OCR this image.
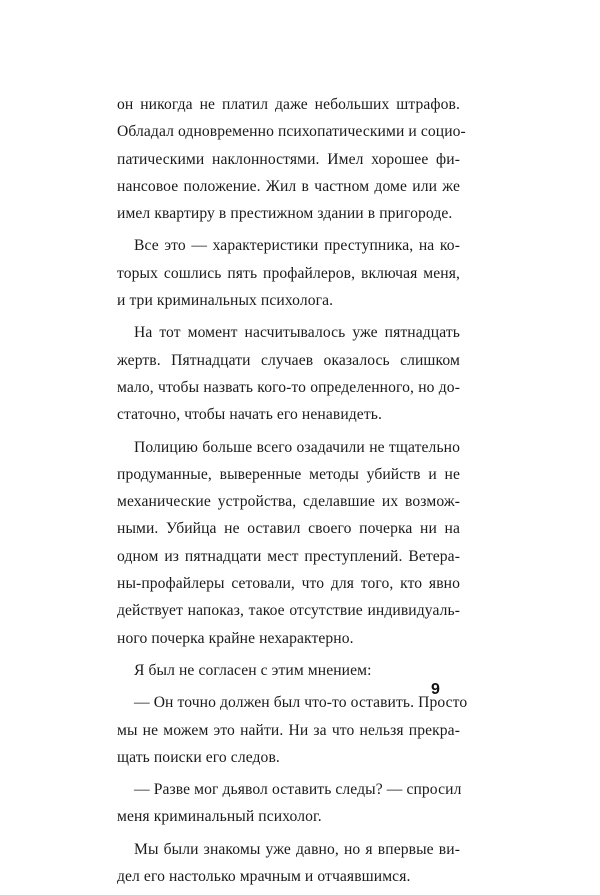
он никогда не платил даже небольших штрафов.
Обладал одновременно психопатическими и социо-
патическими наклонностями. Имел хорошее фи-
нансовое положение. Жил в частном доме или же
имел квартиру в престижном здании в пригороде.
Все это — характеристики преступника, на ко-
торых сошлись пять профайлеров, включая меня,
и три криминальных психолога.
На тот момент насчитывалось уже пятнадцать
жертв. Пятнадцати случаев оказалось слишком
мало, чтобы назвать кого-то определенного, но до-
статочно, чтобы начать его ненавидеть.
Полицию больше всего озадачили не тщательно
продуманные, выверенные методы убийств и не
механические устройства, сделавшие их возмож-
ными. Убийца не оставил своего почерка ни на
одном из пятнадцати мест преступлений. Ветера-
ны-профайлеры сетовали, что для того, кто явно
действует напоказ, такое отсутствие индивидуаль-
ного почерка крайне нехарактерно.
Я был не согласен с этим мнением:
— Он точно должен был что-то оставить. Просто
мы не можем это найти. Ни за что нельзя прекра-
щать поиски его следов.
— Разве мог дьявол оставить следы? — спросил
меня криминальный психолог.
Мы были знакомы уже давно, но я впервые ви-
дел его настолько мрачным и отчаявшимся.
9
